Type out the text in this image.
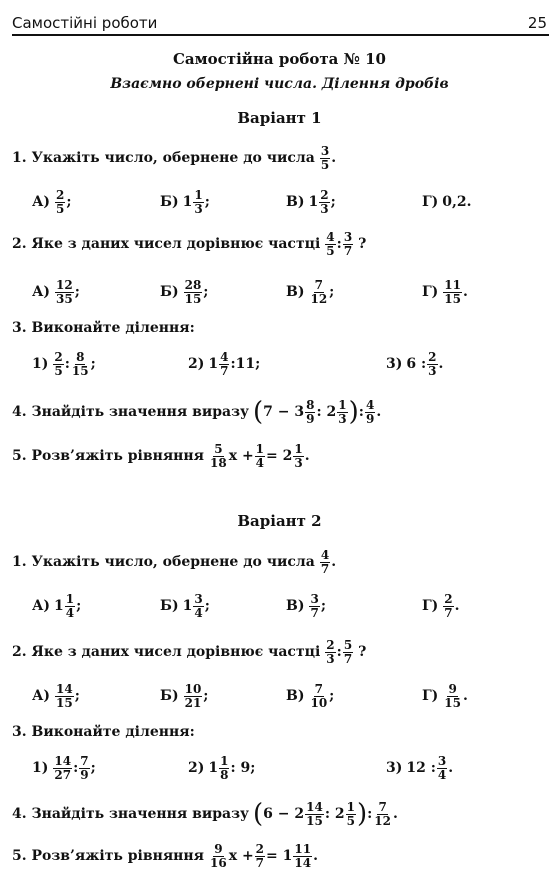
Самостійні роботи	25
Самостійна робота № 10
Взаємно обернені числа. Ділення дробів
Варіант 1
1. Укажіть число, обернене до числа 3
5 .
А) 2
5 ;	Б) 1 1
3 ;	В) 1 2
3 ;	Г) 0,2.
2. Яке з даних чисел дорівнює частці 4
5 : 3
7 ?
А) 12
35 ;	Б) 28
15 ;	В) 7
12 ;	Г) 11
15 .
3. Виконайте ділення:
1) 2
5 : 8
15 ;	2) 1 4
7 :11;	3) 6 : 2
3 .
4. Знайдіть значення виразу ( 7 − 3 8
9 : 2 1
3 ) : 4
9 .
5. Розв’яжіть рівняння 5
18 $x + \frac{1}{4} = 2$ 1
3 .
Варіант 2
1. Укажіть число, обернене до числа 4
7 .
А) 1 1
4 ;	Б) 1 3
4 ;	В) 3
7 ;	Г) 2
7 .
2. Яке з даних чисел дорівнює частці 2
3 : 5
7 ?
А) 14
15 ;	Б) 10
21 ;	В) 7
10 ;	Г) 9
15 .
3. Виконайте ділення:
1) 14
27 : 7
9 ;	2) 1 1
8 : 9;	3) 12 : 3
4 .
4. Знайдіть значення виразу ( 6 − 2 14
15 : 2 1
5 ) : 7
12 .
5. Розв’яжіть рівняння 9
16 $x + \frac{2}{7} = 1$ 11
14 .
